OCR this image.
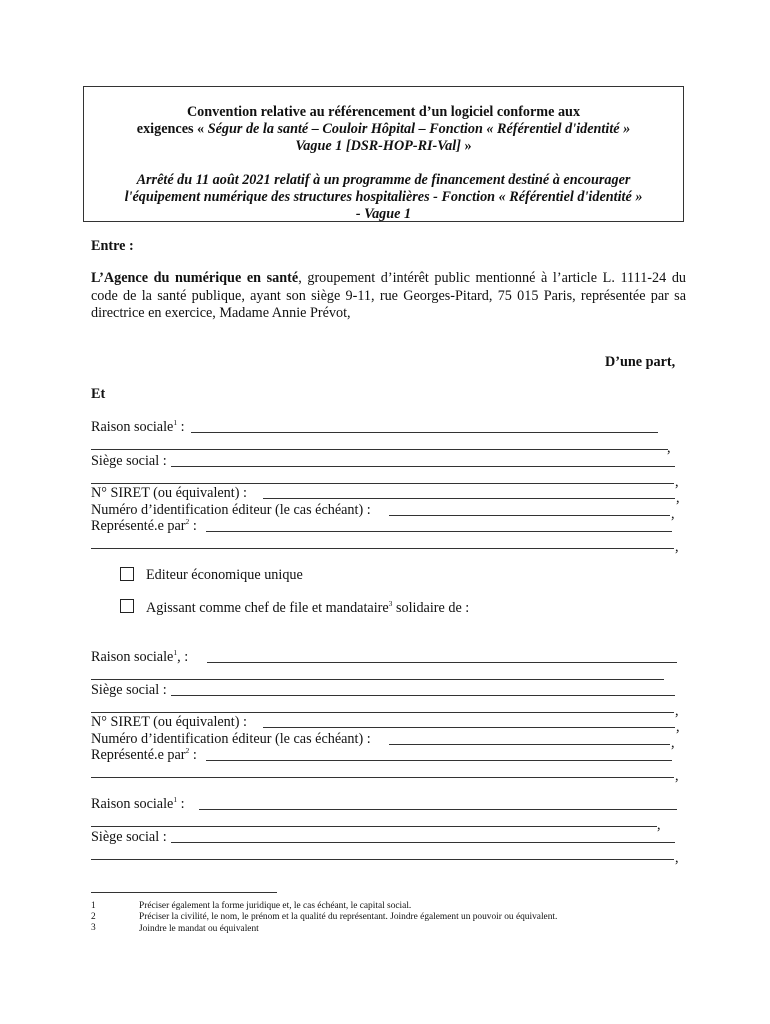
Convention relative au référencement d’un logiciel conforme aux
exigences « Ségur de la santé – Couloir Hôpital – Fonction « Référentiel d'identité »
Vague 1 [DSR-HOP-RI-Val] »
Arrêté du 11 août 2021 relatif à un programme de financement destiné à encourager
l'équipement numérique des structures hospitalières - Fonction « Référentiel d'identité »
- Vague 1
Entre :
L’Agence du numérique en santé, groupement d’intérêt public mentionné à l’article L. 1111-24 du code de la santé publique, ayant son siège 9-11, rue Georges-Pitard, 75 015 Paris, représentée par sa directrice en exercice, Madame Annie Prévot,
D’une part,
Et
Raison sociale$^1$ :
,
Siège social :
,
N° SIRET (ou équivalent) :	,
Numéro d’identification éditeur (le cas échéant) :	,
Représenté.e par$^2$ :
,
Editeur économique unique
Agissant comme chef de file et mandataire$^3$ solidaire de :
Raison sociale$^1$, :
Siège social :
,
N° SIRET (ou équivalent) :	,
Numéro d’identification éditeur (le cas échéant) :	,
Représenté.e par$^2$ :
,
Raison sociale$^1$ :
,
Siège social :
,
1	Préciser également la forme juridique et, le cas échéant, le capital social.
2	Préciser la civilité, le nom, le prénom et la qualité du représentant. Joindre également un pouvoir ou équivalent.
3	Joindre le mandat ou équivalent
